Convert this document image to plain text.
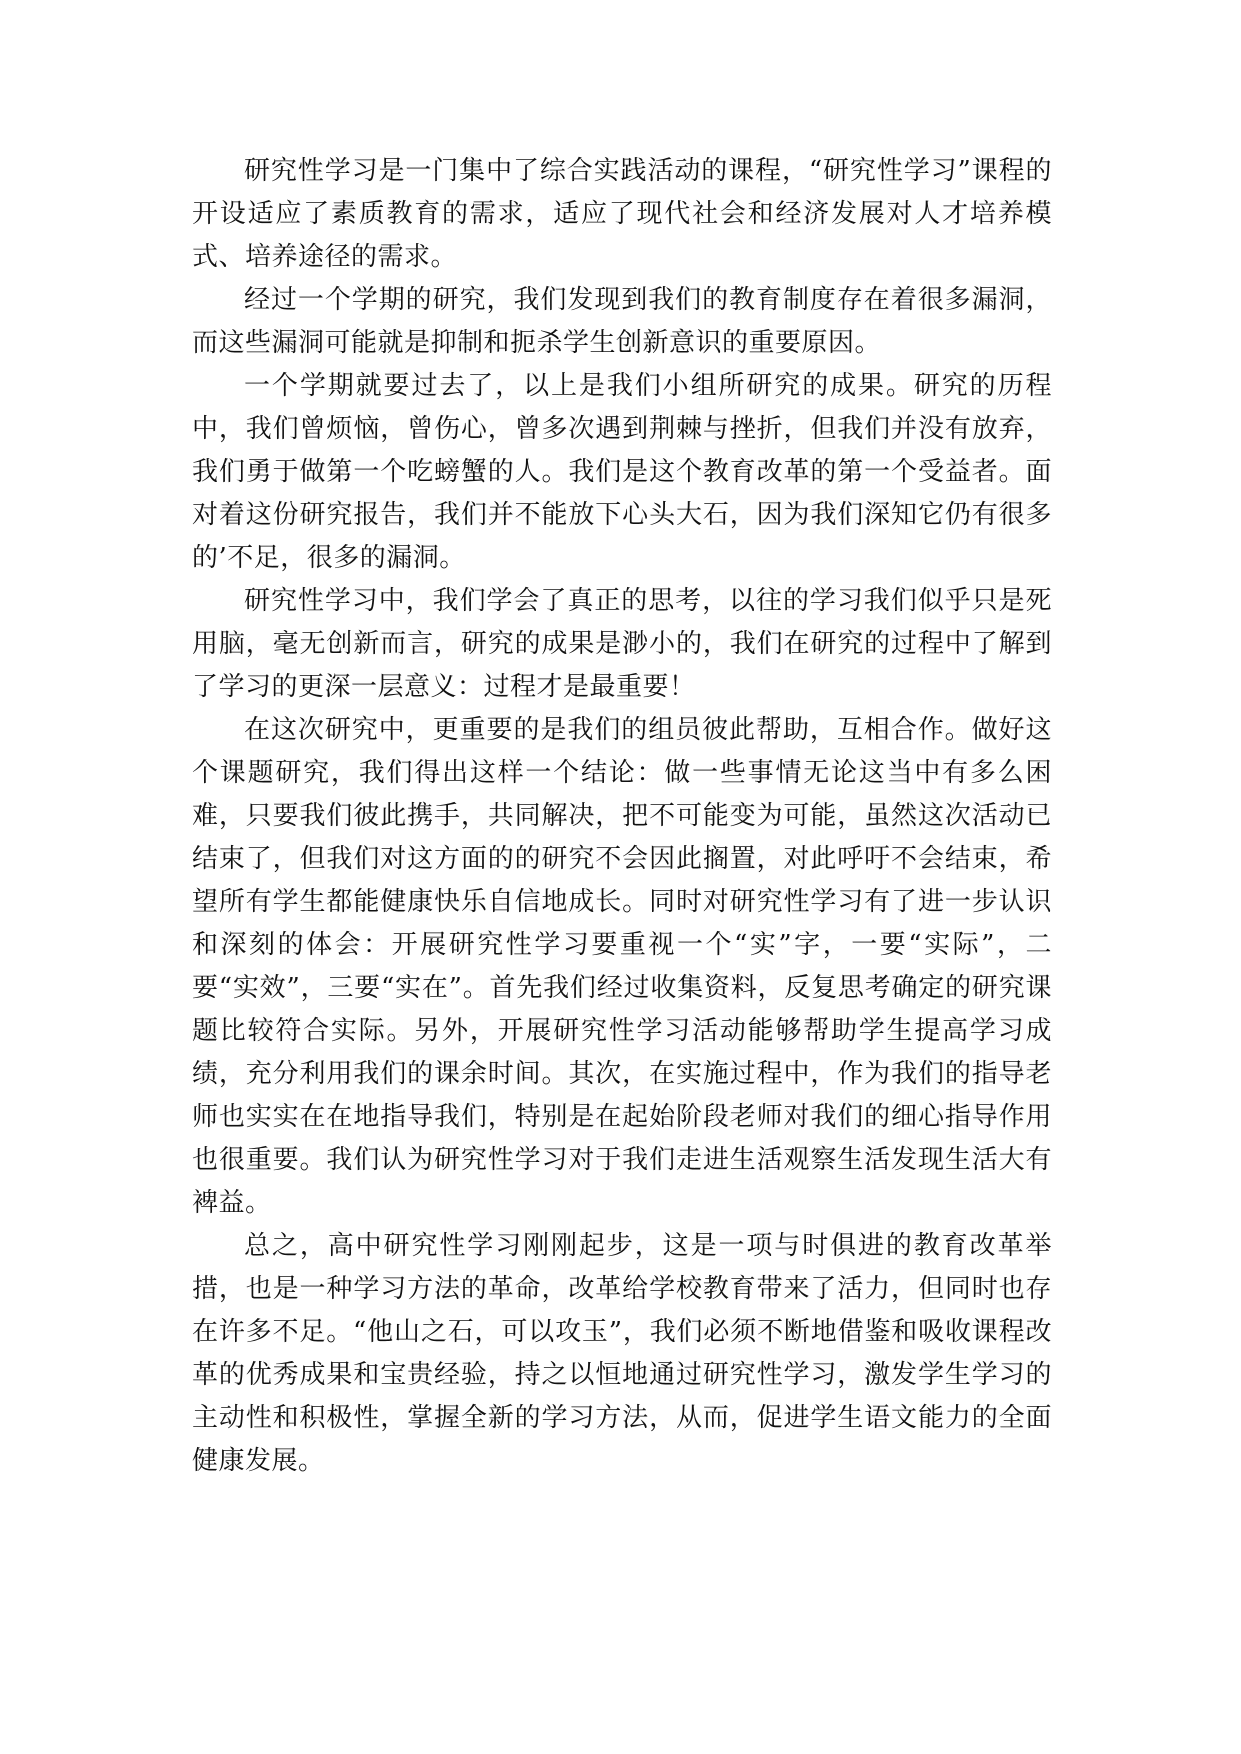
研究性学习是一门集中了综合实践活动的课程，“研究性学习”课程的开设适应了素质教育的需求，适应了现代社会和经济发展对人才培养模式、培养途径的需求。

经过一个学期的研究，我们发现到我们的教育制度存在着很多漏洞，而这些漏洞可能就是抑制和扼杀学生创新意识的重要原因。

一个学期就要过去了，以上是我们小组所研究的成果。研究的历程中，我们曾烦恼，曾伤心，曾多次遇到荆棘与挫折，但我们并没有放弃，我们勇于做第一个吃螃蟹的人。我们是这个教育改革的第一个受益者。面对着这份研究报告，我们并不能放下心头大石，因为我们深知它仍有很多的’不足，很多的漏洞。

研究性学习中，我们学会了真正的思考，以往的学习我们似乎只是死用脑，毫无创新而言，研究的成果是渺小的，我们在研究的过程中了解到了学习的更深一层意义：过程才是最重要！

在这次研究中，更重要的是我们的组员彼此帮助，互相合作。做好这个课题研究，我们得出这样一个结论：做一些事情无论这当中有多么困难，只要我们彼此携手，共同解决，把不可能变为可能，虽然这次活动已结束了，但我们对这方面的的研究不会因此搁置，对此呼吁不会结束，希望所有学生都能健康快乐自信地成长。同时对研究性学习有了进一步认识和深刻的体会：开展研究性学习要重视一个“实”字，一要“实际”，二要“实效”，三要“实在”。首先我们经过收集资料，反复思考确定的研究课题比较符合实际。另外，开展研究性学习活动能够帮助学生提高学习成绩，充分利用我们的课余时间。其次，在实施过程中，作为我们的指导老师也实实在在地指导我们，特别是在起始阶段老师对我们的细心指导作用也很重要。我们认为研究性学习对于我们走进生活观察生活发现生活大有裨益。

总之，高中研究性学习刚刚起步，这是一项与时俱进的教育改革举措，也是一种学习方法的革命，改革给学校教育带来了活力，但同时也存在许多不足。“他山之石，可以攻玉”，我们必须不断地借鉴和吸收课程改革的优秀成果和宝贵经验，持之以恒地通过研究性学习，激发学生学习的主动性和积极性，掌握全新的学习方法，从而，促进学生语文能力的全面健康发展。
